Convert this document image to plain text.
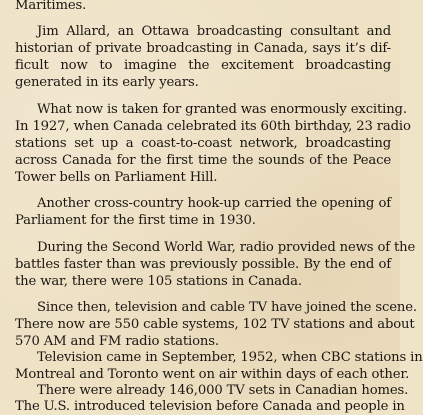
Maritimes.
Jim Allard, an Ottawa broadcasting consultant and
historian of private broadcasting in Canada, says it’s dif-
ficult now to imagine the excitement broadcasting
generated in its early years.
What now is taken for granted was enormously exciting.
In 1927, when Canada celebrated its 60th birthday, 23 radio
stations set up a coast-to-coast network, broadcasting
across Canada for the first time the sounds of the Peace
Tower bells on Parliament Hill.
Another cross-country hook-up carried the opening of
Parliament for the first time in 1930.
During the Second World War, radio provided news of the
battles faster than was previously possible. By the end of
the war, there were 105 stations in Canada.
Since then, television and cable TV have joined the scene.
There now are 550 cable systems, 102 TV stations and about
570 AM and FM radio stations.
Television came in September, 1952, when CBC stations in
Montreal and Toronto went on air within days of each other.
There were already 146,000 TV sets in Canadian homes.
The U.S. introduced television before Canada and people in
